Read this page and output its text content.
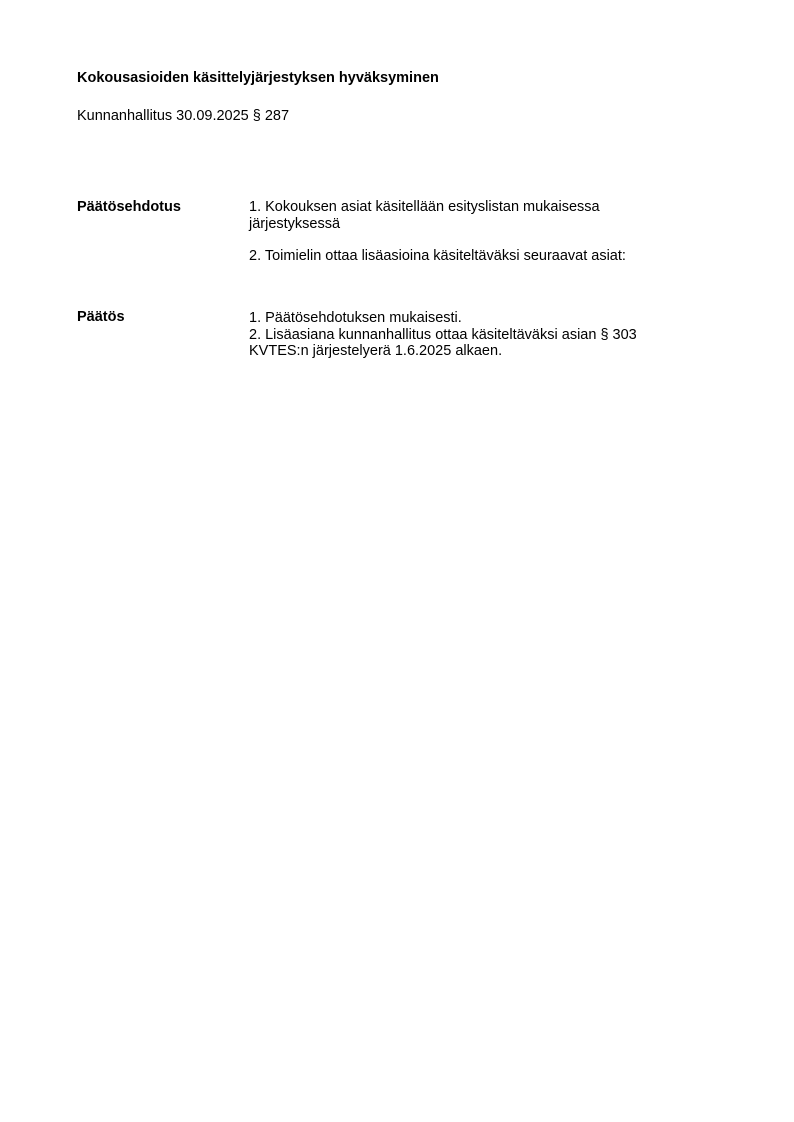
Kokousasioiden käsittelyjärjestyksen hyväksyminen
Kunnanhallitus 30.09.2025 § 287
Päätösehdotus	1. Kokouksen asiat käsitellään esityslistan mukaisessa

järjestyksessä

2. Toimielin ottaa lisäasioina käsiteltäväksi seuraavat asiat:

Päätös	1. Päätösehdotuksen mukaisesti.

2. Lisäasiana kunnanhallitus ottaa käsiteltäväksi asian § 303

KVTES:n järjestelyerä 1.6.2025 alkaen.
